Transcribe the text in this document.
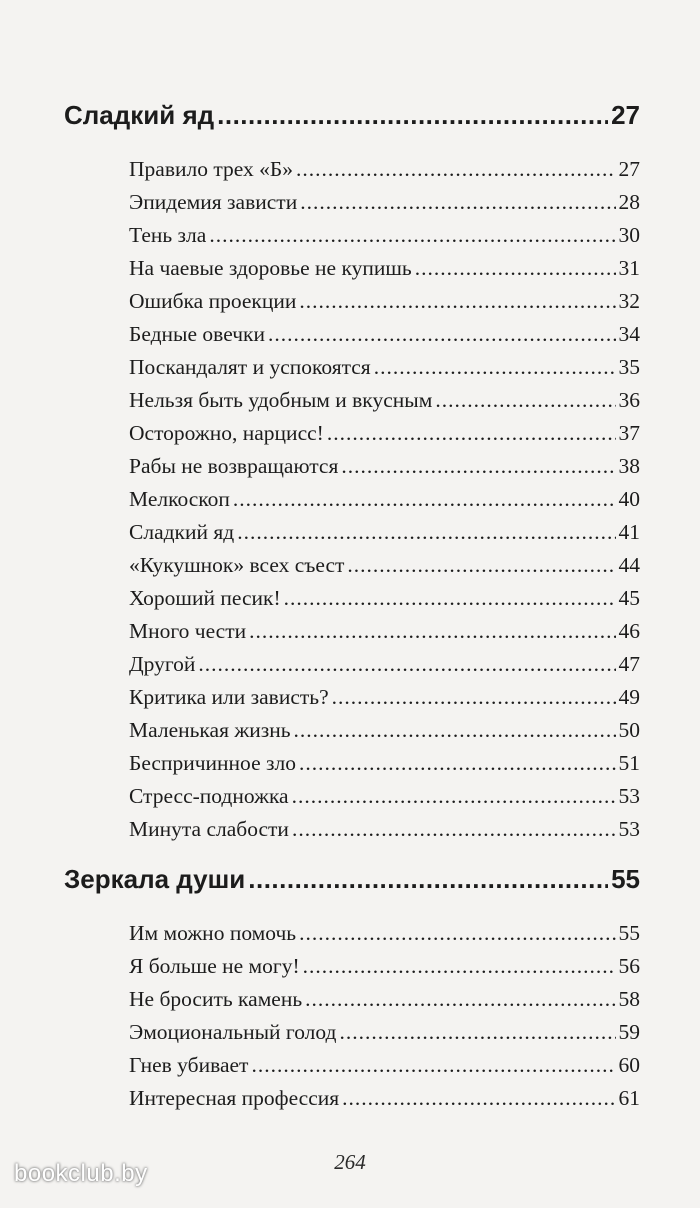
Сладкий яд .....	27
Правило трех «Б» .....	27
Эпидемия зависти .....	28
Тень зла .....	30
На чаевые здоровье не купишь .....	31
Ошибка проекции .....	32
Бедные овечки .....	34
Поскандалят и успокоятся .....	35
Нельзя быть удобным и вкусным .....	36
Осторожно, нарцисс! .....	37
Рабы не возвращаются .....	38
Мелкоскоп .....	40
Сладкий яд .....	41
«Кукушнок» всех съест .....	44
Хороший песик! .....	45
Много чести .....	46
Другой .....	47
Критика или зависть? .....	49
Маленькая жизнь .....	50
Беспричинное зло .....	51
Стресс-подножка .....	53
Минута слабости .....	53
Зеркала души .....	55
Им можно помочь .....	55
Я больше не могу! .....	56
Не бросить камень .....	58
Эмоциональный голод .....	59
Гнев убивает .....	60
Интересная профессия .....	61
264
bookclub.by
